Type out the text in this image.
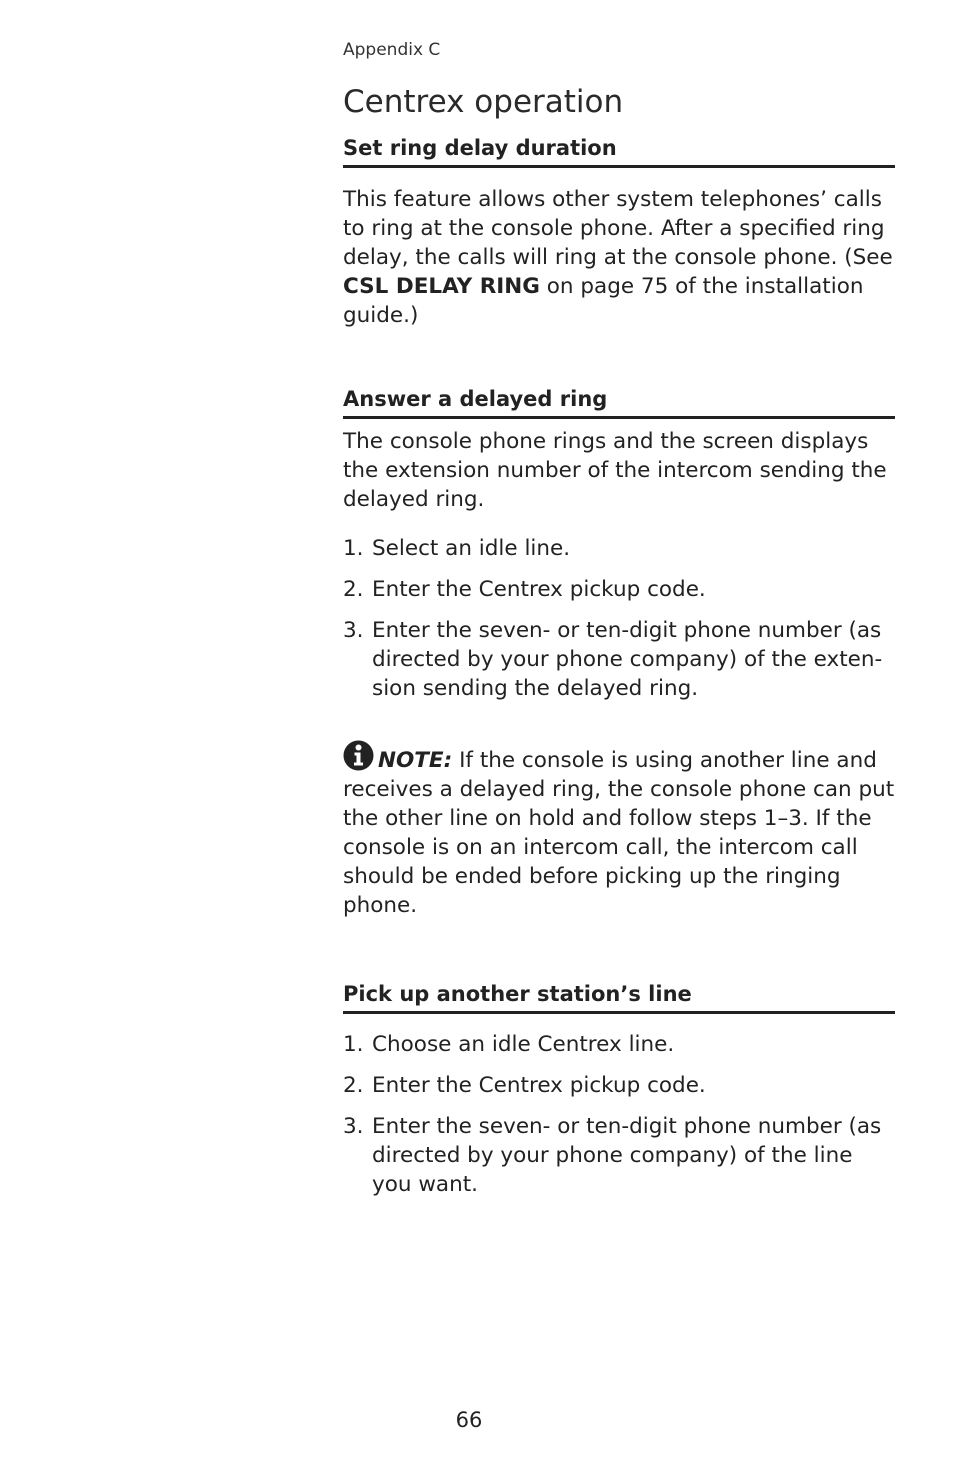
Appendix C
Centrex operation
Set ring delay duration

This feature allows other system telephones’ calls to ring at the console phone. After a specified ring delay, the calls will ring at the console phone. (See CSL DELAY RING on page 75 of the installation guide.)

Answer a delayed ring

The console phone rings and the screen displays the extension number of the intercom sending the delayed ring.

1. Select an idle line.
2. Enter the Centrex pickup code.
3. Enter the seven- or ten-digit phone number (as directed by your phone company) of the exten-sion sending the delayed ring.

NOTE: If the console is using another line and receives a delayed ring, the console phone can put the other line on hold and follow steps 1–3. If the console is on an intercom call, the intercom call should be ended before picking up the ringing phone.

Pick up another station’s line
1. Choose an idle Centrex line.
2. Enter the Centrex pickup code.
3. Enter the seven- or ten-digit phone number (as directed by your phone company) of the line you want.
66
